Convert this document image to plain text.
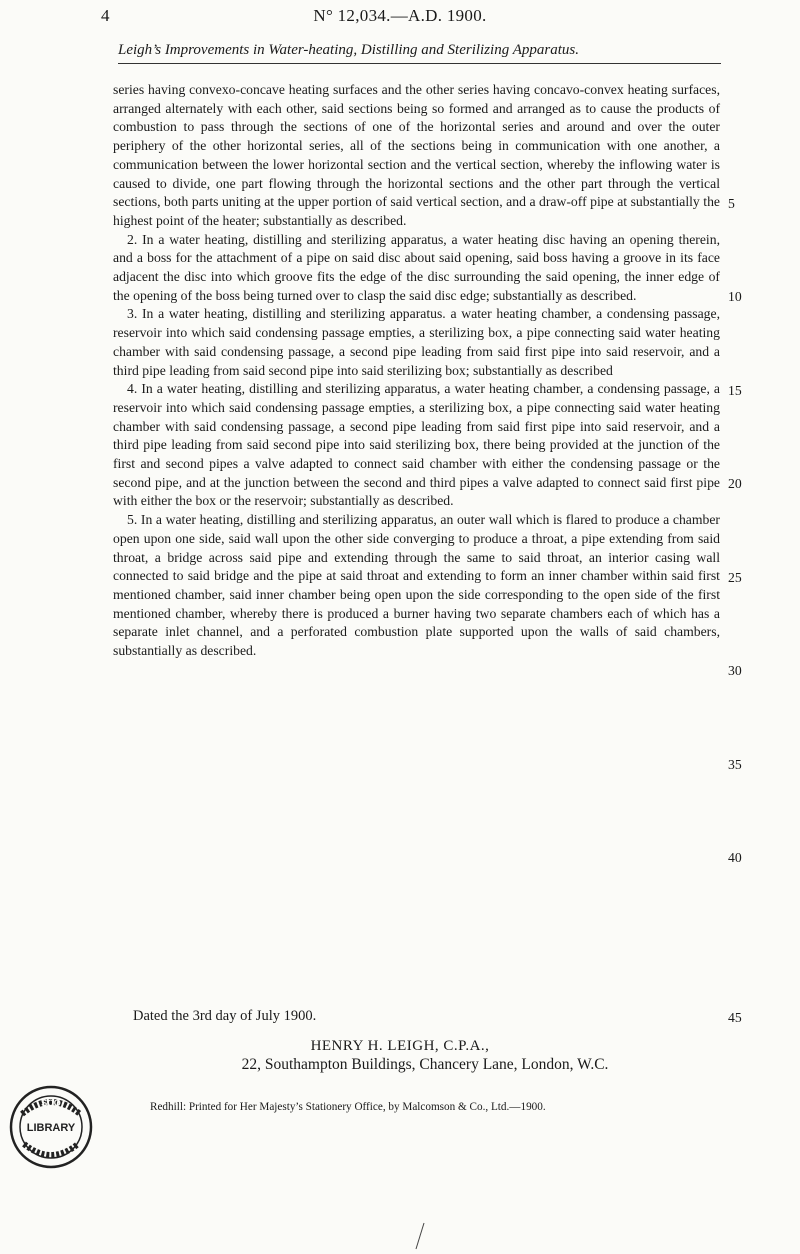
4	N° 12,034.—A.D. 1900.
Leigh’s Improvements in Water-heating, Distilling and Sterilizing Apparatus.

series having convexo-concave heating surfaces and the other series having concavo-convex heating surfaces, arranged alternately with each other, said sections being so formed and arranged as to cause the products of combustion to pass through the sections of one of the horizontal series and around and over the outer periphery of the other horizontal series, all of the sections being in communication with one another, a communication between the lower horizontal section and the vertical section, whereby the inflowing water is caused to divide, one part flowing through the horizontal sections and the other part through the vertical sections, both parts uniting at the upper portion of said vertical section, and a draw-off pipe at substantially the highest point of the heater; substantially as described.

2. In a water heating, distilling and sterilizing apparatus, a water heating disc having an opening therein, and a boss for the attachment of a pipe on said disc about said opening, said boss having a groove in its face adjacent the disc into which groove fits the edge of the disc surrounding the said opening, the inner edge of the opening of the boss being turned over to clasp the said disc edge; substantially as described.

3. In a water heating, distilling and sterilizing apparatus. a water heating chamber, a condensing passage, reservoir into which said condensing passage empties, a sterilizing box, a pipe connecting said water heating chamber with said condensing passage, a second pipe leading from said first pipe into said reservoir, and a third pipe leading from said second pipe into said sterilizing box; substantially as described

4. In a water heating, distilling and sterilizing apparatus, a water heating chamber, a condensing passage, a reservoir into which said condensing passage empties, a sterilizing box, a pipe connecting said water heating chamber with said condensing passage, a second pipe leading from said first pipe into said reservoir, and a third pipe leading from said second pipe into said sterilizing box, there being provided at the junction of the first and second pipes a valve adapted to connect said chamber with either the condensing passage or the second pipe, and at the junction between the second and third pipes a valve adapted to connect said first pipe with either the box or the reservoir; substantially as described.

5. In a water heating, distilling and sterilizing apparatus, an outer wall which is flared to produce a chamber open upon one side, said wall upon the other side converging to produce a throat, a pipe extending from said throat, a bridge across said pipe and extending through the same to said throat, an interior casing wall connected to said bridge and the pipe at said throat and extending to form an inner chamber within said first mentioned chamber, said inner chamber being open upon the side corresponding to the open side of the first mentioned chamber, whereby there is produced a burner having two separate chambers each of which has a separate inlet channel, and a perforated combustion plate supported upon the walls of said chambers, substantially as described.

5
10
15
20
25
30
35
40
Dated the 3rd day of July 1900.	45
HENRY H. LEIGH, C.P.A.,
22, Southampton Buildings, Chancery Lane, London, W.C.
Redhill: Printed for Her Majesty’s Stationery Office, by Malcomson & Co., Ltd.—1900.
SCO
LIBRARY
